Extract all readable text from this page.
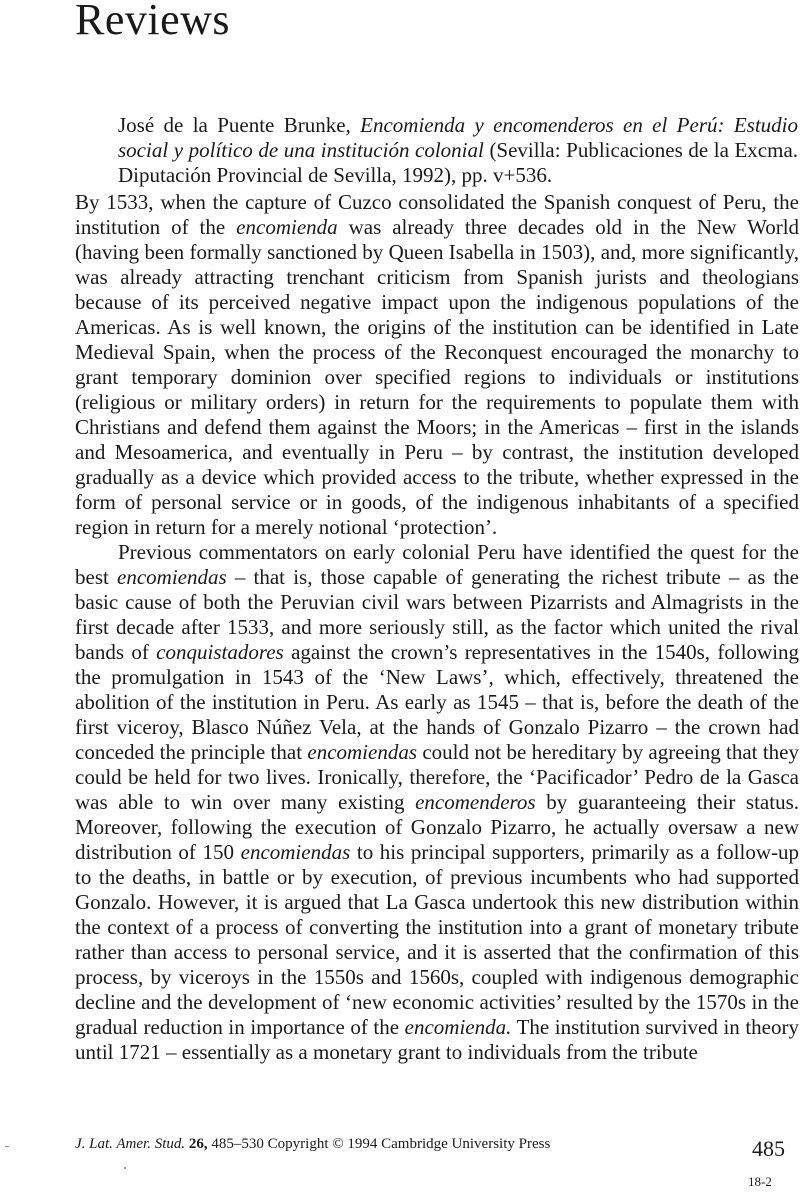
Reviews
José de la Puente Brunke, Encomienda y encomenderos en el Perú: Estudio social y político de una institución colonial (Sevilla: Publicaciones de la Excma. Diputación Provincial de Sevilla, 1992), pp. v+536.

By 1533, when the capture of Cuzco consolidated the Spanish conquest of Peru, the institution of the encomienda was already three decades old in the New World (having been formally sanctioned by Queen Isabella in 1503), and, more significantly, was already attracting trenchant criticism from Spanish jurists and theologians because of its perceived negative impact upon the indigenous populations of the Americas. As is well known, the origins of the institution can be identified in Late Medieval Spain, when the process of the Reconquest encouraged the monarchy to grant temporary dominion over specified regions to individuals or institutions (religious or military orders) in return for the requirements to populate them with Christians and defend them against the Moors; in the Americas – first in the islands and Mesoamerica, and eventually in Peru – by contrast, the institution developed gradually as a device which provided access to the tribute, whether expressed in the form of personal service or in goods, of the indigenous inhabitants of a specified region in return for a merely notional ‘protection’.

Previous commentators on early colonial Peru have identified the quest for the best encomiendas – that is, those capable of generating the richest tribute – as the basic cause of both the Peruvian civil wars between Pizarrists and Almagrists in the first decade after 1533, and more seriously still, as the factor which united the rival bands of conquistadores against the crown’s representatives in the 1540s, following the promulgation in 1543 of the ‘New Laws’, which, effectively, threatened the abolition of the institution in Peru. As early as 1545 – that is, before the death of the first viceroy, Blasco Núñez Vela, at the hands of Gonzalo Pizarro – the crown had conceded the principle that encomiendas could not be hereditary by agreeing that they could be held for two lives. Ironically, therefore, the ‘Pacificador’ Pedro de la Gasca was able to win over many existing encomenderos by guaranteeing their status. Moreover, following the execution of Gonzalo Pizarro, he actually oversaw a new distribution of 150 encomiendas to his principal supporters, primarily as a follow-up to the deaths, in battle or by execution, of previous incumbents who had supported Gonzalo. However, it is argued that La Gasca undertook this new distribution within the context of a process of converting the institution into a grant of monetary tribute rather than access to personal service, and it is asserted that the confirmation of this process, by viceroys in the 1550s and 1560s, coupled with indigenous demographic decline and the development of ‘new economic activities’ resulted by the 1570s in the gradual reduction in importance of the encomienda. The institution survived in theory until 1721 – essentially as a monetary grant to individuals from the tribute

J. Lat. Amer. Stud. 26, 485–530 Copyright © 1994 Cambridge University Press	485
18-2
